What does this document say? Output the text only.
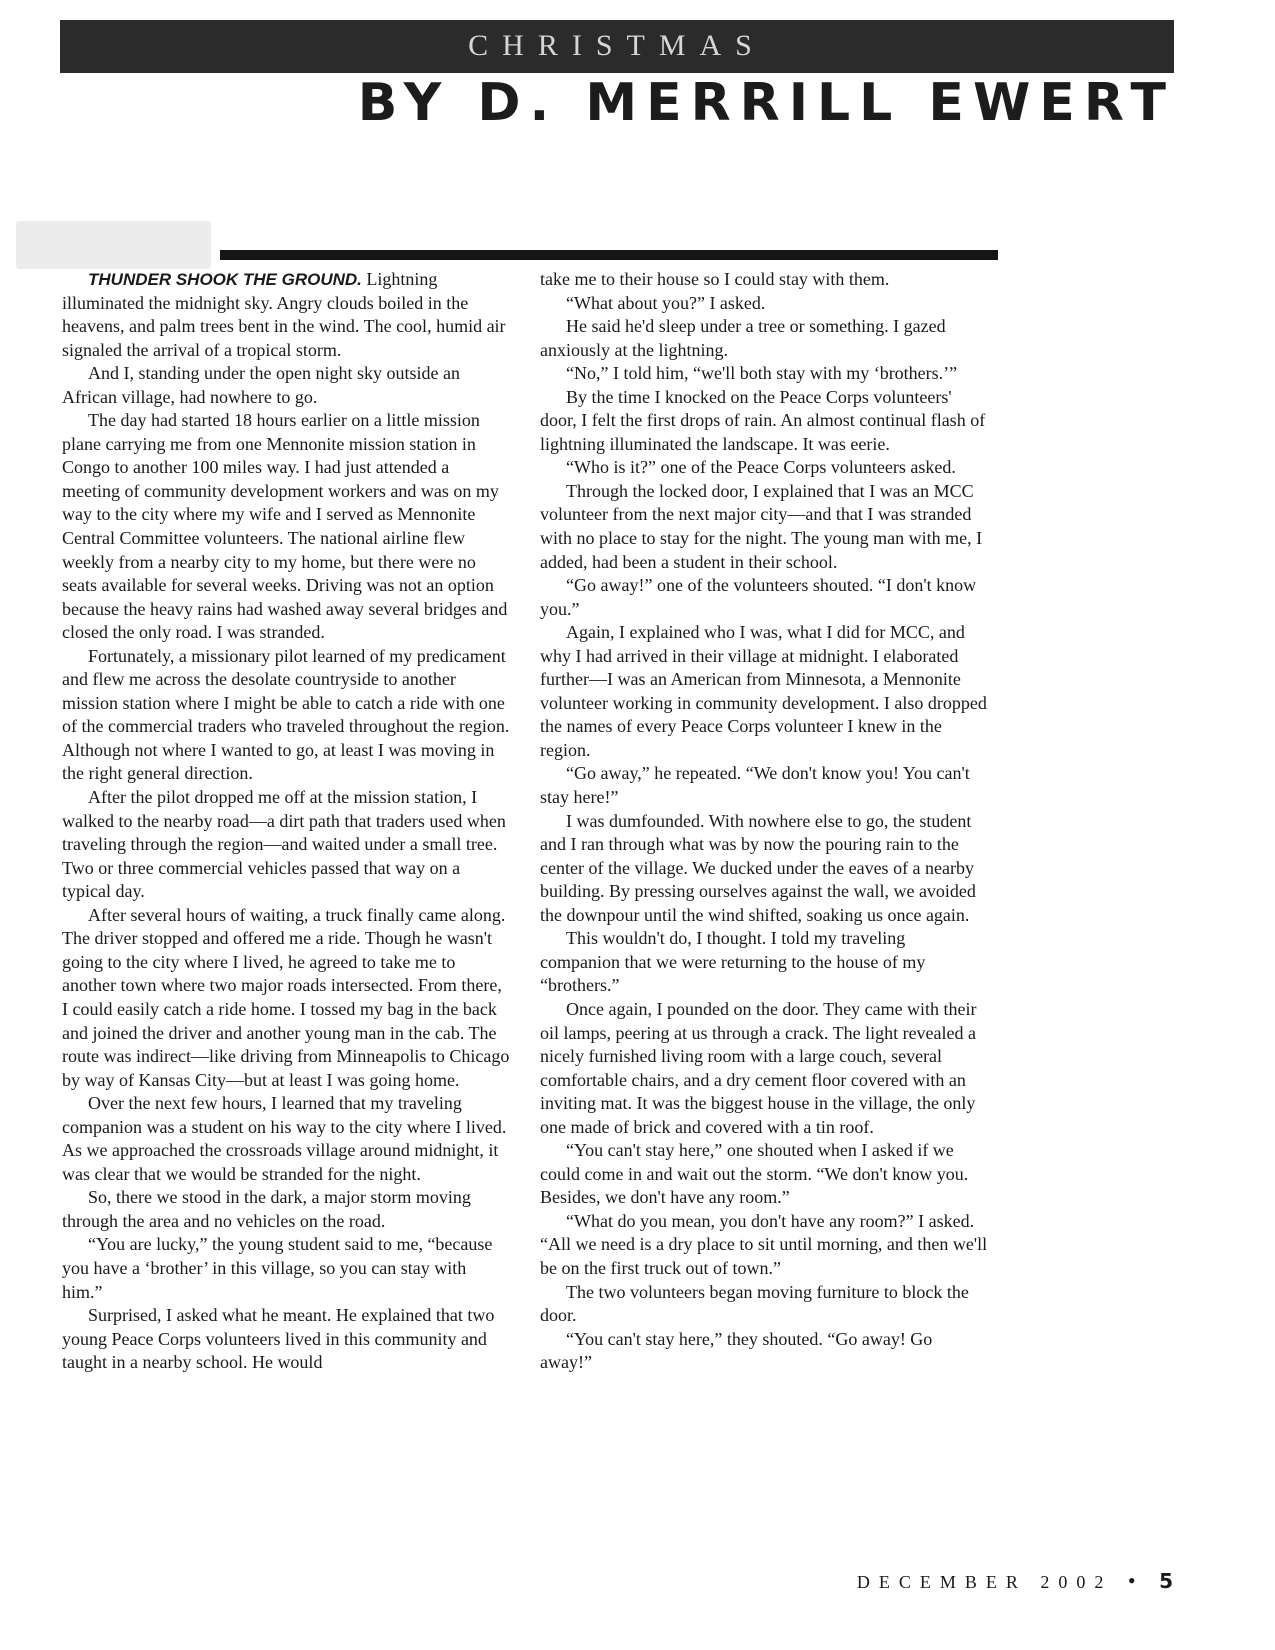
CHRISTMAS
BY D. MERRILL EWERT

THUNDER SHOOK THE GROUND. Lightning illuminated the midnight sky. Angry clouds boiled in the heavens, and palm trees bent in the wind. The cool, humid air signaled the arrival of a tropical storm.

And I, standing under the open night sky outside an African village, had nowhere to go.

The day had started 18 hours earlier on a little mission plane carrying me from one Mennonite mission station in Congo to another 100 miles way. I had just attended a meeting of community development workers and was on my way to the city where my wife and I served as Mennonite Central Committee volunteers. The national airline flew weekly from a nearby city to my home, but there were no seats available for several weeks. Driving was not an option because the heavy rains had washed away several bridges and closed the only road. I was stranded.

Fortunately, a missionary pilot learned of my predicament and flew me across the desolate countryside to another mission station where I might be able to catch a ride with one of the commercial traders who traveled throughout the region. Although not where I wanted to go, at least I was moving in the right general direction.

After the pilot dropped me off at the mission station, I walked to the nearby road—a dirt path that traders used when traveling through the region—and waited under a small tree. Two or three commercial vehicles passed that way on a typical day.

After several hours of waiting, a truck finally came along. The driver stopped and offered me a ride. Though he wasn't going to the city where I lived, he agreed to take me to another town where two major roads intersected. From there, I could easily catch a ride home. I tossed my bag in the back and joined the driver and another young man in the cab. The route was indirect—like driving from Minneapolis to Chicago by way of Kansas City—but at least I was going home.

Over the next few hours, I learned that my traveling companion was a student on his way to the city where I lived. As we approached the crossroads village around midnight, it was clear that we would be stranded for the night.

So, there we stood in the dark, a major storm moving through the area and no vehicles on the road.

“You are lucky,” the young student said to me, “because you have a ‘brother’ in this village, so you can stay with him.”

Surprised, I asked what he meant. He explained that two young Peace Corps volunteers lived in this community and taught in a nearby school. He would

take me to their house so I could stay with them.

“What about you?” I asked.

He said he'd sleep under a tree or something. I gazed anxiously at the lightning.

“No,” I told him, “we'll both stay with my ‘brothers.’”

By the time I knocked on the Peace Corps volunteers' door, I felt the first drops of rain. An almost continual flash of lightning illuminated the landscape. It was eerie.

“Who is it?” one of the Peace Corps volunteers asked.

Through the locked door, I explained that I was an MCC volunteer from the next major city—and that I was stranded with no place to stay for the night. The young man with me, I added, had been a student in their school.

“Go away!” one of the volunteers shouted. “I don't know you.”

Again, I explained who I was, what I did for MCC, and why I had arrived in their village at midnight. I elaborated further—I was an American from Minnesota, a Mennonite volunteer working in community development. I also dropped the names of every Peace Corps volunteer I knew in the region.

“Go away,” he repeated. “We don't know you! You can't stay here!”

I was dumfounded. With nowhere else to go, the student and I ran through what was by now the pouring rain to the center of the village. We ducked under the eaves of a nearby building. By pressing ourselves against the wall, we avoided the downpour until the wind shifted, soaking us once again.

This wouldn't do, I thought. I told my traveling companion that we were returning to the house of my “brothers.”

Once again, I pounded on the door. They came with their oil lamps, peering at us through a crack. The light revealed a nicely furnished living room with a large couch, several comfortable chairs, and a dry cement floor covered with an inviting mat. It was the biggest house in the village, the only one made of brick and covered with a tin roof.

“You can't stay here,” one shouted when I asked if we could come in and wait out the storm. “We don't know you. Besides, we don't have any room.”

“What do you mean, you don't have any room?” I asked. “All we need is a dry place to sit until morning, and then we'll be on the first truck out of town.”

The two volunteers began moving furniture to block the door.

“You can't stay here,” they shouted. “Go away! Go away!”

DECEMBER 2002 • 5
